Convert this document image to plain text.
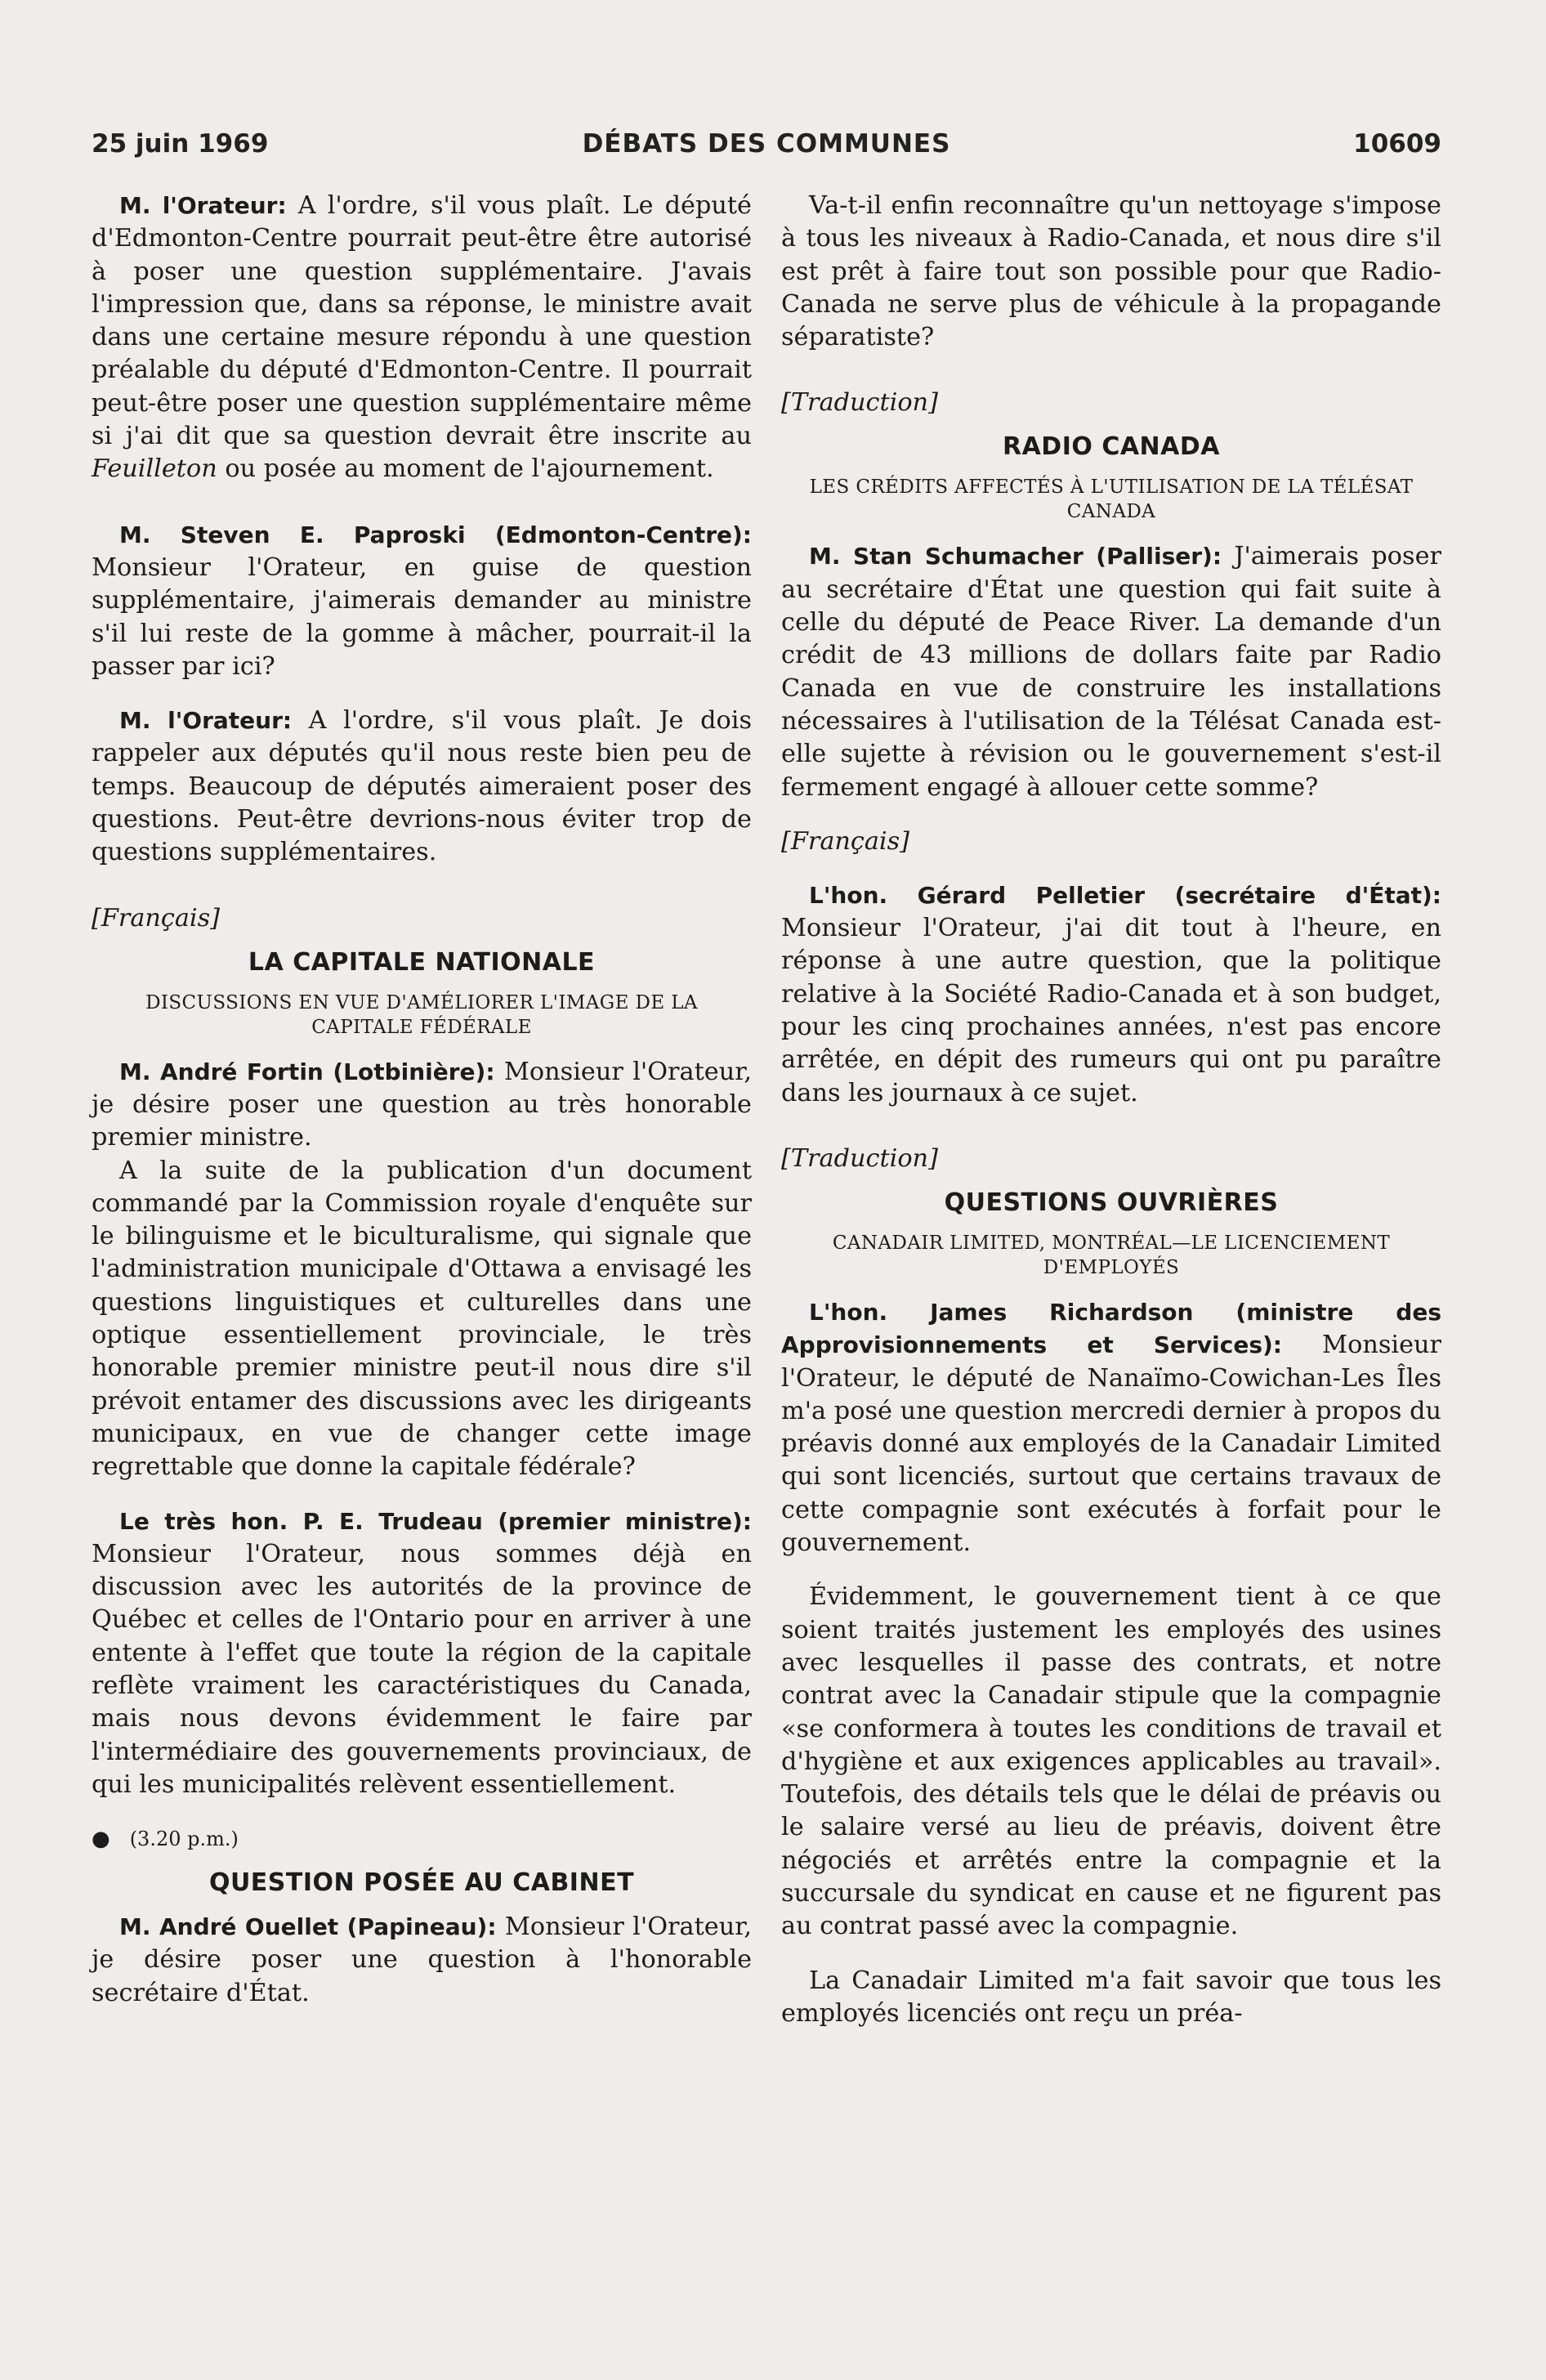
25 juin 1969	DÉBATS DES COMMUNES	10609

M. l'Orateur: A l'ordre, s'il vous plaît. Le député d'Edmonton-Centre pourrait peut-être être autorisé à poser une question supplémentaire. J'avais l'impression que, dans sa réponse, le ministre avait dans une certaine mesure répondu à une question préalable du député d'Edmonton-Centre. Il pourrait peut-être poser une question supplémentaire même si j'ai dit que sa question devrait être inscrite au Feuilleton ou posée au moment de l'ajournement.

M. Steven E. Paproski (Edmonton-Centre): Monsieur l'Orateur, en guise de question supplémentaire, j'aimerais demander au ministre s'il lui reste de la gomme à mâcher, pourrait-il la passer par ici?

M. l'Orateur: A l'ordre, s'il vous plaît. Je dois rappeler aux députés qu'il nous reste bien peu de temps. Beaucoup de députés aimeraient poser des questions. Peut-être devrions-nous éviter trop de questions supplémentaires.

[Français]

LA CAPITALE NATIONALE
DISCUSSIONS EN VUE D'AMÉLIORER L'IMAGE DE LA CAPITALE FÉDÉRALE

M. André Fortin (Lotbinière): Monsieur l'Orateur, je désire poser une question au très honorable premier ministre.

A la suite de la publication d'un document commandé par la Commission royale d'enquête sur le bilinguisme et le biculturalisme, qui signale que l'administration municipale d'Ottawa a envisagé les questions linguistiques et culturelles dans une optique essentiellement provinciale, le très honorable premier ministre peut-il nous dire s'il prévoit entamer des discussions avec les dirigeants municipaux, en vue de changer cette image regrettable que donne la capitale fédérale?

Le très hon. P. E. Trudeau (premier ministre): Monsieur l'Orateur, nous sommes déjà en discussion avec les autorités de la province de Québec et celles de l'Ontario pour en arriver à une entente à l'effet que toute la région de la capitale reflète vraiment les caractéristiques du Canada, mais nous devons évidemment le faire par l'intermédiaire des gouvernements provinciaux, de qui les municipalités relèvent essentiellement.

● (3.20 p.m.)

QUESTION POSÉE AU CABINET

M. André Ouellet (Papineau): Monsieur l'Orateur, je désire poser une question à l'honorable secrétaire d'État.

Va-t-il enfin reconnaître qu'un nettoyage s'impose à tous les niveaux à Radio-Canada, et nous dire s'il est prêt à faire tout son possible pour que Radio-Canada ne serve plus de véhicule à la propagande séparatiste?

[Traduction]

RADIO CANADA
LES CRÉDITS AFFECTÉS À L'UTILISATION DE LA TÉLÉSAT CANADA

M. Stan Schumacher (Palliser): J'aimerais poser au secrétaire d'État une question qui fait suite à celle du député de Peace River. La demande d'un crédit de 43 millions de dollars faite par Radio Canada en vue de construire les installations nécessaires à l'utilisation de la Télésat Canada est-elle sujette à révision ou le gouvernement s'est-il fermement engagé à allouer cette somme?

[Français]

L'hon. Gérard Pelletier (secrétaire d'État): Monsieur l'Orateur, j'ai dit tout à l'heure, en réponse à une autre question, que la politique relative à la Société Radio-Canada et à son budget, pour les cinq prochaines années, n'est pas encore arrêtée, en dépit des rumeurs qui ont pu paraître dans les journaux à ce sujet.

[Traduction]

QUESTIONS OUVRIÈRES
CANADAIR LIMITED, MONTRÉAL—LE LICENCIEMENT D'EMPLOYÉS

L'hon. James Richardson (ministre des Approvisionnements et Services): Monsieur l'Orateur, le député de Nanaïmo-Cowichan-Les Îles m'a posé une question mercredi dernier à propos du préavis donné aux employés de la Canadair Limited qui sont licenciés, surtout que certains travaux de cette compagnie sont exécutés à forfait pour le gouvernement.

Évidemment, le gouvernement tient à ce que soient traités justement les employés des usines avec lesquelles il passe des contrats, et notre contrat avec la Canadair stipule que la compagnie «se conformera à toutes les conditions de travail et d'hygiène et aux exigences applicables au travail». Toutefois, des détails tels que le délai de préavis ou le salaire versé au lieu de préavis, doivent être négociés et arrêtés entre la compagnie et la succursale du syndicat en cause et ne figurent pas au contrat passé avec la compagnie.

La Canadair Limited m'a fait savoir que tous les employés licenciés ont reçu un préa-
